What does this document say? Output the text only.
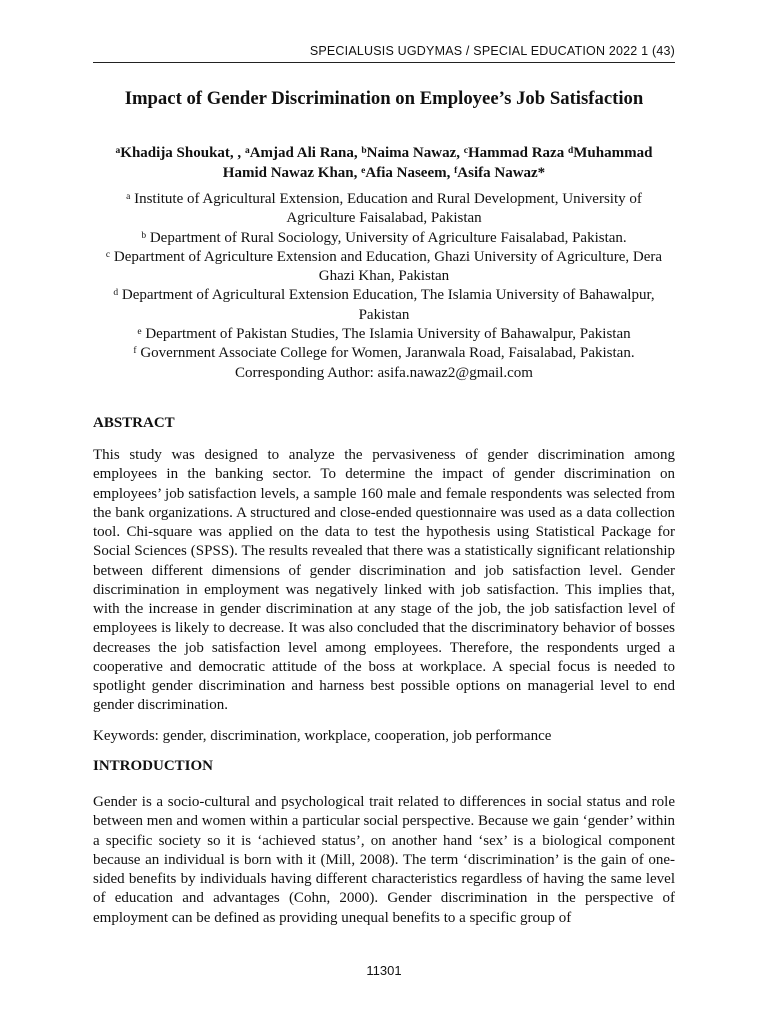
SPECIALUSIS UGDYMAS / SPECIAL EDUCATION 2022 1 (43)
Impact of Gender Discrimination on Employee’s Job Satisfaction
$^a$Khadija Shoukat, , $^a$Amjad Ali Rana, $^b$Naima Nawaz, $^c$Hammad Raza $^d$Muhammad Hamid Nawaz Khan, $^e$Afia Naseem, $^f$Asifa Nawaz*
$^a$ Institute of Agricultural Extension, Education and Rural Development, University of Agriculture Faisalabad, Pakistan
$^b$ Department of Rural Sociology, University of Agriculture Faisalabad, Pakistan.
$^c$ Department of Agriculture Extension and Education, Ghazi University of Agriculture, Dera Ghazi Khan, Pakistan
$^d$ Department of Agricultural Extension Education, The Islamia University of Bahawalpur, Pakistan
$^e$ Department of Pakistan Studies, The Islamia University of Bahawalpur, Pakistan
$^f$ Government Associate College for Women, Jaranwala Road, Faisalabad, Pakistan.
Corresponding Author: asifa.nawaz2@gmail.com
ABSTRACT

This study was designed to analyze the pervasiveness of gender discrimination among employees in the banking sector. To determine the impact of gender discrimination on employees’ job satisfaction levels, a sample 160 male and female respondents was selected from the bank organizations. A structured and close-ended questionnaire was used as a data collection tool. Chi-square was applied on the data to test the hypothesis using Statistical Package for Social Sciences (SPSS). The results revealed that there was a statistically significant relationship between different dimensions of gender discrimination and job satisfaction level. Gender discrimination in employment was negatively linked with job satisfaction. This implies that, with the increase in gender discrimination at any stage of the job, the job satisfaction level of employees is likely to decrease. It was also concluded that the discriminatory behavior of bosses decreases the job satisfaction level among employees. Therefore, the respondents urged a cooperative and democratic attitude of the boss at workplace. A special focus is needed to spotlight gender discrimination and harness best possible options on managerial level to end gender discrimination.

Keywords: gender, discrimination, workplace, cooperation, job performance
INTRODUCTION

Gender is a socio-cultural and psychological trait related to differences in social status and role between men and women within a particular social perspective. Because we gain ‘gender’ within a specific society so it is ‘achieved status’, on another hand ‘sex’ is a biological component because an individual is born with it (Mill, 2008). The term ‘discrimination’ is the gain of one-sided benefits by individuals having different characteristics regardless of having the same level of education and advantages (Cohn, 2000). Gender discrimination in the perspective of employment can be defined as providing unequal benefits to a specific group of

11301
